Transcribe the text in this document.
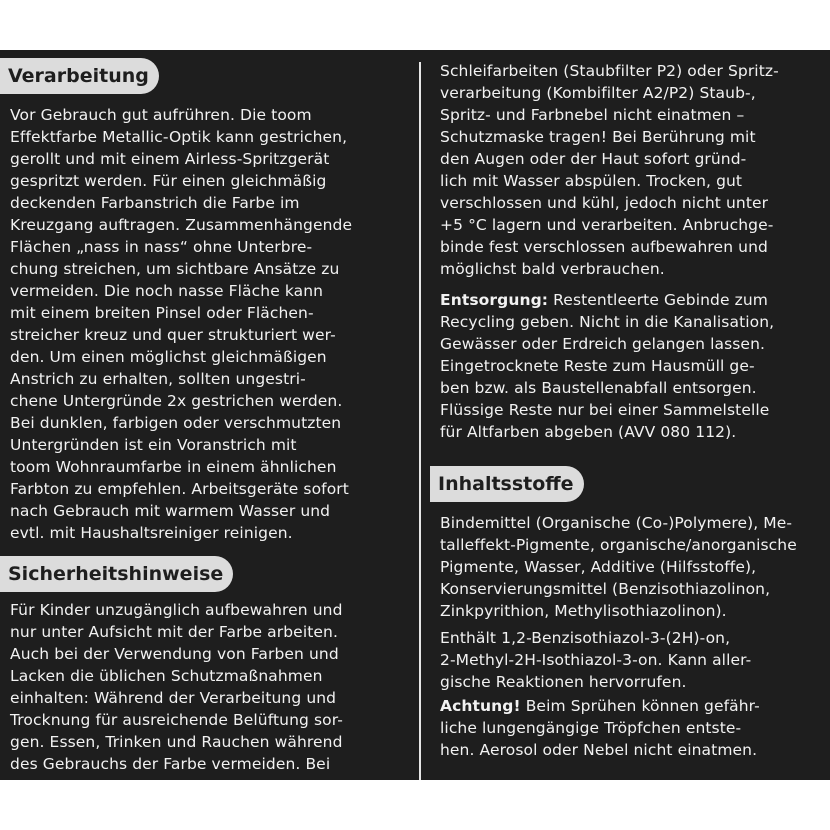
Verarbeitung

Vor Gebrauch gut aufrühren. Die toom
Effektfarbe Metallic-Optik kann gestrichen,
gerollt und mit einem Airless-Spritzgerät
gespritzt werden. Für einen gleichmäßig
deckenden Farbanstrich die Farbe im
Kreuzgang auftragen. Zusammenhängende
Flächen „nass in nass“ ohne Unterbre-
chung streichen, um sichtbare Ansätze zu
vermeiden. Die noch nasse Fläche kann
mit einem breiten Pinsel oder Flächen-
streicher kreuz und quer strukturiert wer-
den. Um einen möglichst gleichmäßigen
Anstrich zu erhalten, sollten ungestri-
chene Untergründe 2x gestrichen werden.
Bei dunklen, farbigen oder verschmutzten
Untergründen ist ein Voranstrich mit
toom Wohnraumfarbe in einem ähnlichen
Farbton zu empfehlen. Arbeitsgeräte sofort
nach Gebrauch mit warmem Wasser und
evtl. mit Haushaltsreiniger reinigen.

Sicherheitshinweise

Für Kinder unzugänglich aufbewahren und
nur unter Aufsicht mit der Farbe arbeiten.
Auch bei der Verwendung von Farben und
Lacken die üblichen Schutzmaßnahmen
einhalten: Während der Verarbeitung und
Trocknung für ausreichende Belüftung sor-
gen. Essen, Trinken und Rauchen während
des Gebrauchs der Farbe vermeiden. Bei

Schleifarbeiten (Staubfilter P2) oder Spritz-
verarbeitung (Kombifilter A2/P2) Staub-,
Spritz- und Farbnebel nicht einatmen –
Schutzmaske tragen! Bei Berührung mit
den Augen oder der Haut sofort gründ-
lich mit Wasser abspülen. Trocken, gut
verschlossen und kühl, jedoch nicht unter
+5 °C lagern und verarbeiten. Anbruchge-
binde fest verschlossen aufbewahren und
möglichst bald verbrauchen.

Entsorgung: Restentleerte Gebinde zum
Recycling geben. Nicht in die Kanalisation,
Gewässer oder Erdreich gelangen lassen.
Eingetrocknete Reste zum Hausmüll ge-
ben bzw. als Baustellenabfall entsorgen.
Flüssige Reste nur bei einer Sammelstelle
für Altfarben abgeben (AVV 080 112).

Inhaltsstoffe

Bindemittel (Organische (Co-)Polymere), Me-
talleffekt-Pigmente, organische/anorganische
Pigmente, Wasser, Additive (Hilfsstoffe),
Konservierungsmittel (Benzisothiazolinon,
Zinkpyrithion, Methylisothiazolinon).

Enthält 1,2-Benzisothiazol-3-(2H)-on,
2-Methyl-2H-Isothiazol-3-on. Kann aller-
gische Reaktionen hervorrufen.

Achtung! Beim Sprühen können gefähr-
liche lungengängige Tröpfchen entste-
hen. Aerosol oder Nebel nicht einatmen.
